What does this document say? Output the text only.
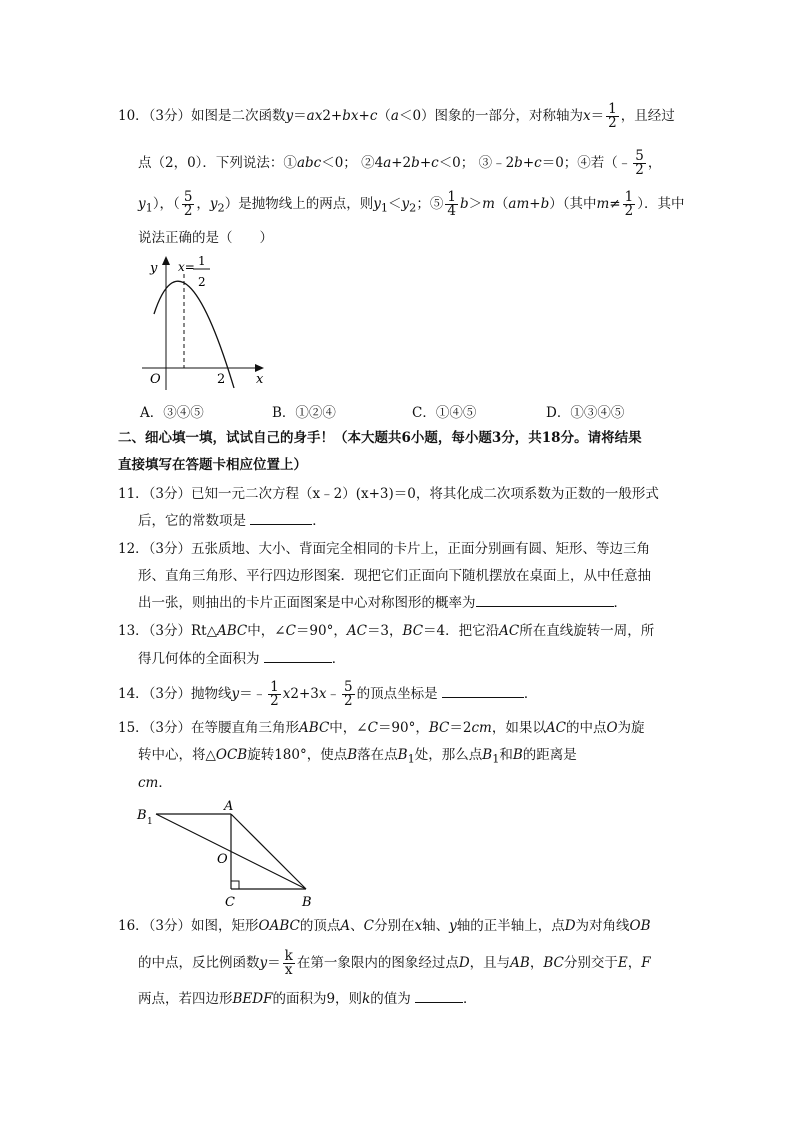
10．（3分）如图是二次函数y＝ax2+bx+c（a＜0）图象的一部分，对称轴为$x= \frac{1}{2}$ ，且经过
点（2，0）．下列说法：①abc＜0； ②4a+2b+c＜0； ③﹣2b+c＝0；④若（﹣ $\frac{5}{2}$ ，
$y_1$），（ $\frac{5}{2}$ ，$y_2$）是抛物线上的两点，则$y_1<y_2$；⑤ $\frac{1}{4} b>m(am+b)$（其中$m\ne \frac{1}{2}$ ）．其中
说法正确的是（　　）
y
x
O	2
x= 1
2
A．③④⑤	B．①②④	C．①④⑤	D．①③④⑤
二、细心填一填，试试自己的身手！（本大题共6小题，每小题3分，共18分。请将结果
直接填写在答题卡相应位置上）
11．（3分）已知一元二次方程（x﹣2）(x+3)＝0，将其化成二次项系数为正数的一般形式
后，它的常数项是	．
12．（3分）五张质地、大小、背面完全相同的卡片上，正面分别画有圆、矩形、等边三角
形、直角三角形、平行四边形图案．现把它们正面向下随机摆放在桌面上，从中任意抽
出一张，则抽出的卡片正面图案是中心对称图形的概率为	．
13．（3分）Rt△ABC中，∠C＝90°，AC＝3，BC＝4．把它沿AC所在直线旋转一周，所
得几何体的全面积为	．
14．（3分）抛物线y＝﹣ $\frac{1}{2}$ x2+3x﹣ $\frac{5}{2}$ 的顶点坐标是	．
15．（3分）在等腰直角三角形ABC中，∠C＝90°，BC＝2cm，如果以AC的中点O为旋
转中心，将△OCB旋转180°，使点B落在点$B_1$处，那么点$B_1$和B的距离是
cm．
A
B 1
O
C	B
16．（3分）如图，矩形OABC的顶点A、C分别在x轴、y轴的正半轴上，点D为对角线OB
的中点，反比例函数$y= \frac{k}{x}$ 在第一象限内的图象经过点D，且与AB，BC分别交于E，F
两点，若四边形BEDF的面积为9，则k的值为	．
